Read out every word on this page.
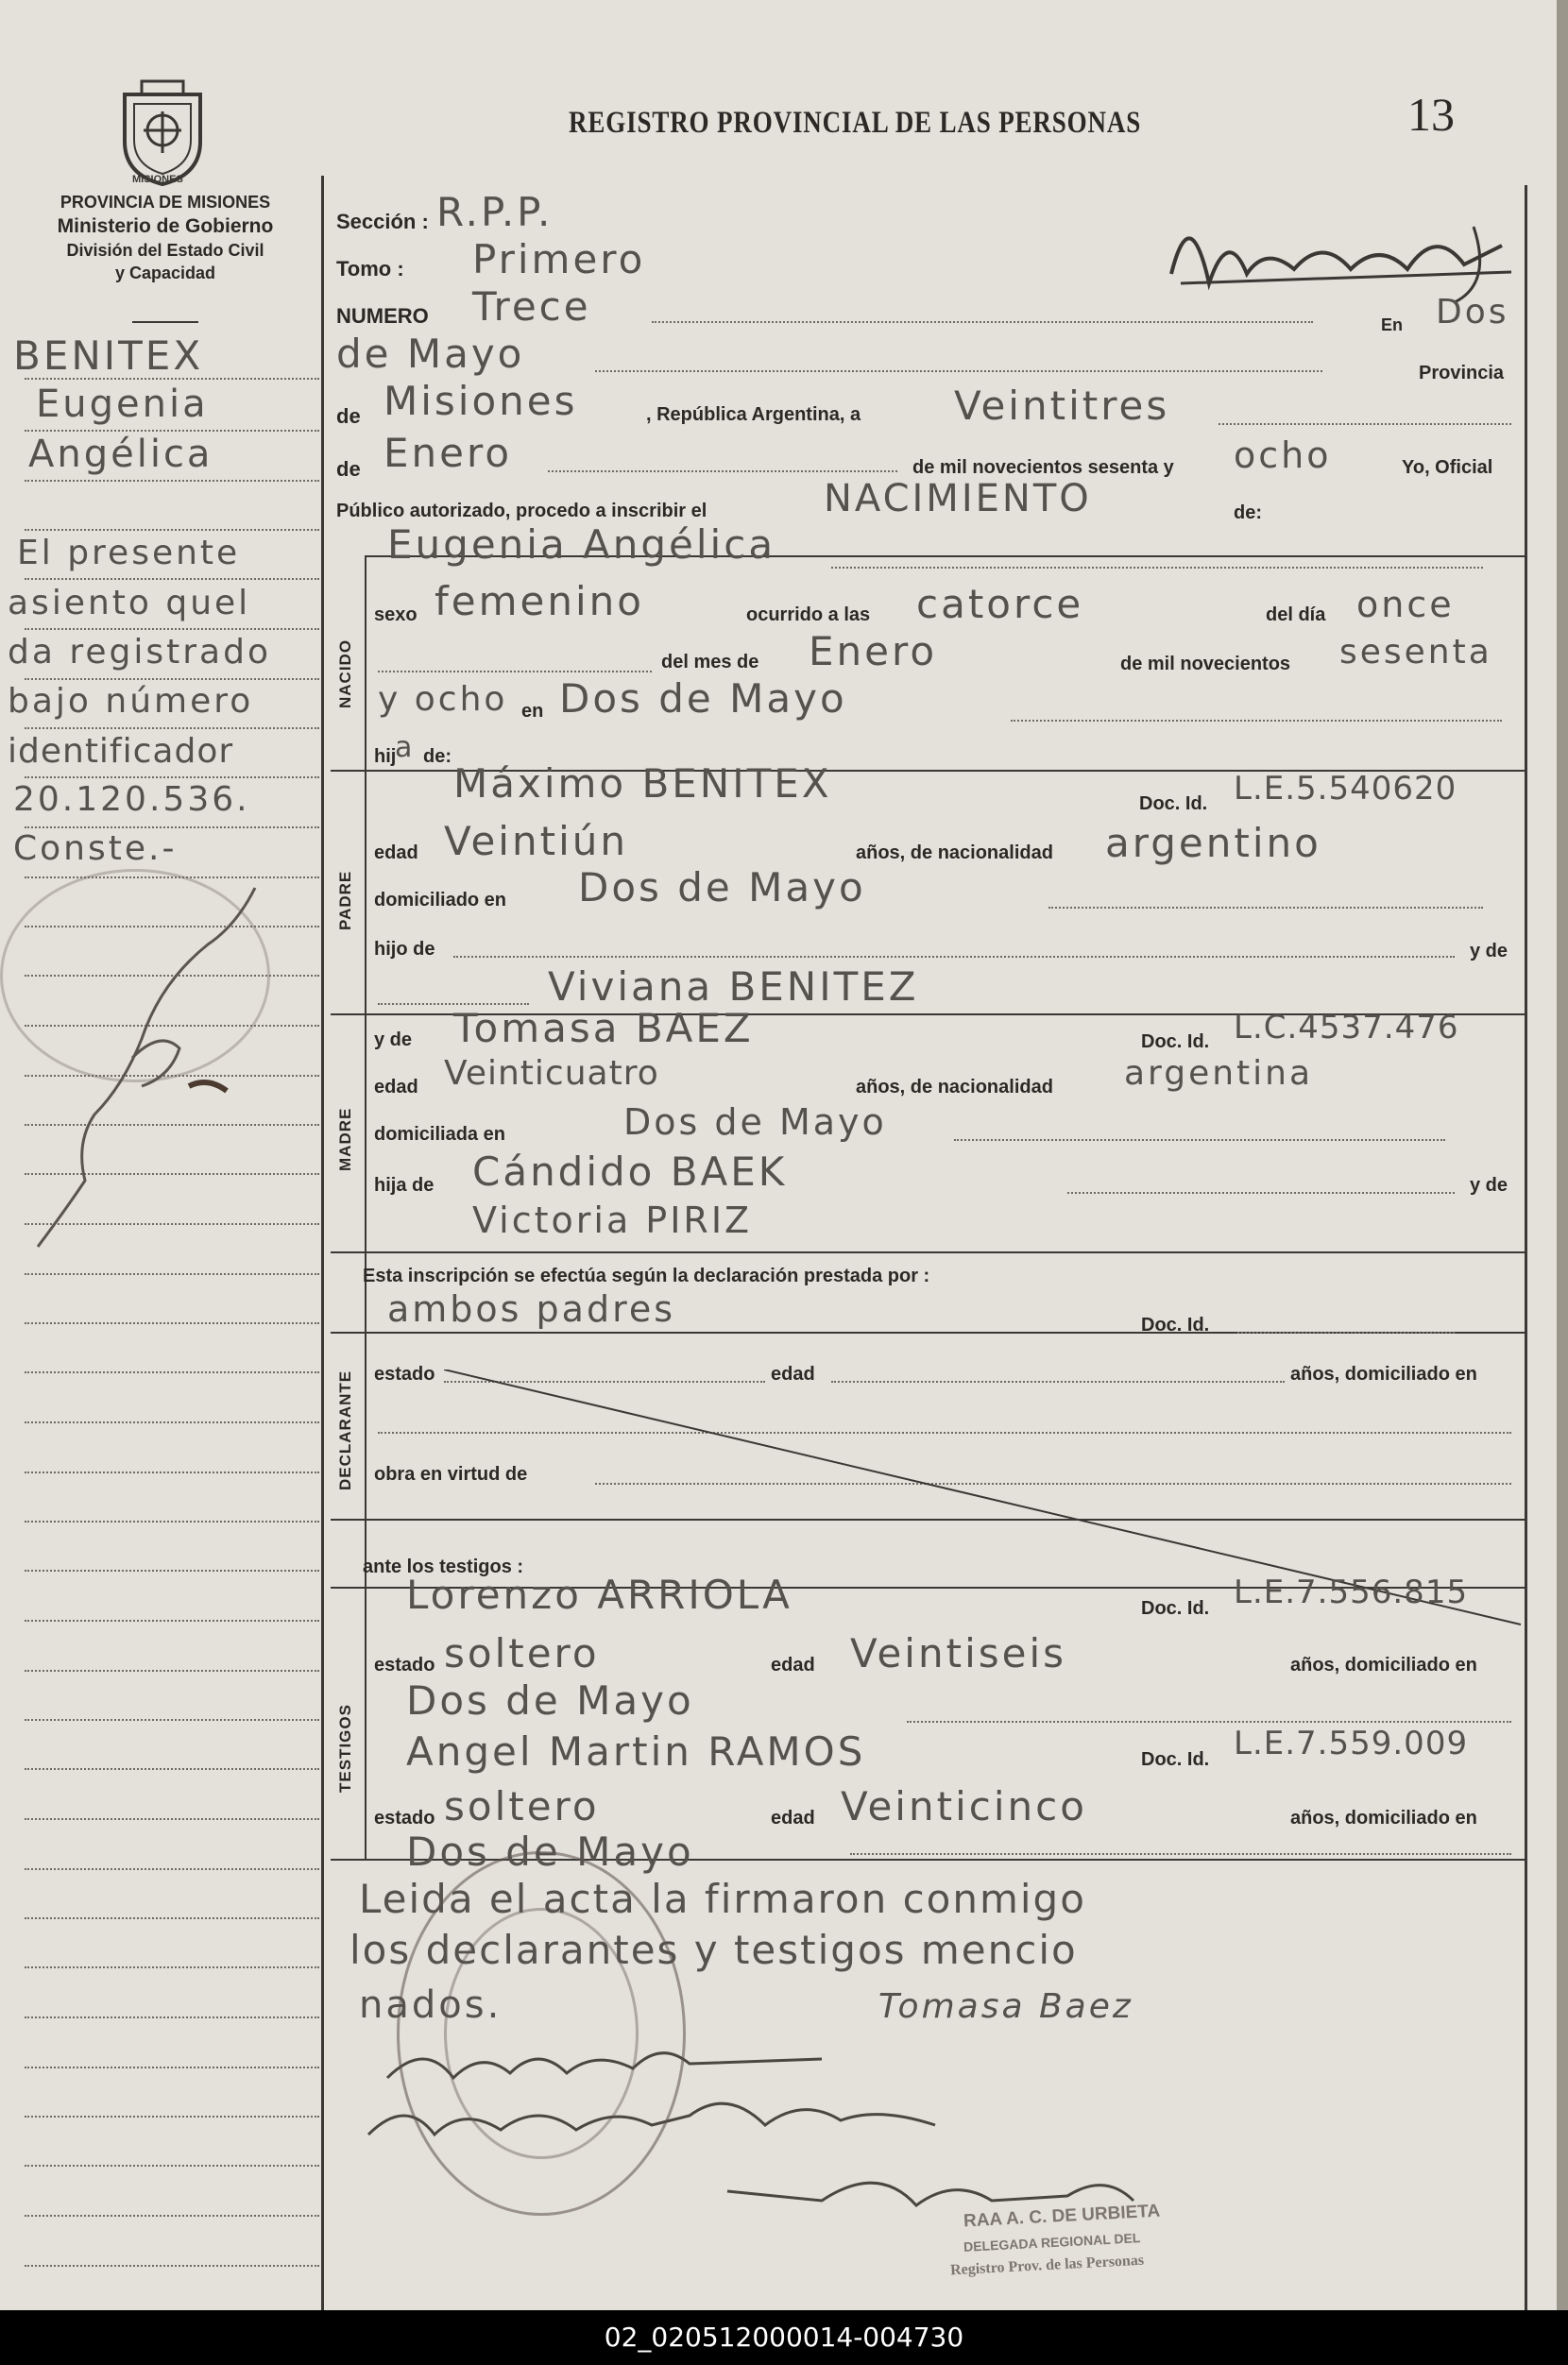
MISIONES
PROVINCIA DE MISIONES
Ministerio de Gobierno
División del Estado Civil
y Capacidad
REGISTRO PROVINCIAL DE LAS PERSONAS	13
NACIDO
PADRE
MADRE
DECLARANTE
TESTIGOS
BENITEX
Eugenia
Angélica
El presente
asiento quel
da registrado
bajo número
identificador
20.120.536.
Conste.-
Sección : R.P.P.
Tomo : Primero
NUMERO Trece	En Dos
de Mayo	Provincia
de Misiones	, República Argentina, a Veintitres
de Enero	de mil novecientos sesenta y ocho	Yo, Oficial
Público autorizado, procedo a inscribir el	NACIMIENTO	de:
Eugenia Angélica
sexo femenino	ocurrido a las catorce	del día once
del mes de Enero	de mil novecientos sesenta
y ocho en Dos de Mayo
hij
a de:
Máximo BENITEX	Doc. Id. L.E.5.540620
edad Veintiún	años, de nacionalidad argentino
domiciliado en Dos de Mayo
hijo de	y de
Viviana BENITEZ
y de Tomasa BAEZ	Doc. Id. L.C.4537.476
edad Veinticuatro	años, de nacionalidad argentina
domiciliada en	Dos de Mayo
hija de Cándido BAEK	y de
Victoria PIRIZ
Esta inscripción se efectúa según la declaración prestada por :
ambos padres	Doc. Id.
estado	edad	años, domiciliado en
obra en virtud de
ante los testigos :
Lorenzo ARRIOLA	Doc. Id. L.E.7.556.815
estado soltero	edad Veintiseis	años, domiciliado en
Dos de Mayo
Angel Martin RAMOS	Doc. Id. L.E.7.559.009
estado soltero	edad Veinticinco	años, domiciliado en
Dos de Mayo
Leida el acta la firmaron conmigo
los declarantes y testigos mencio
nados.	Tomasa Baez
RAA A. C. DE URBIETA
DELEGADA REGIONAL DEL
Registro Prov. de las Personas
02_020512000014-004730
